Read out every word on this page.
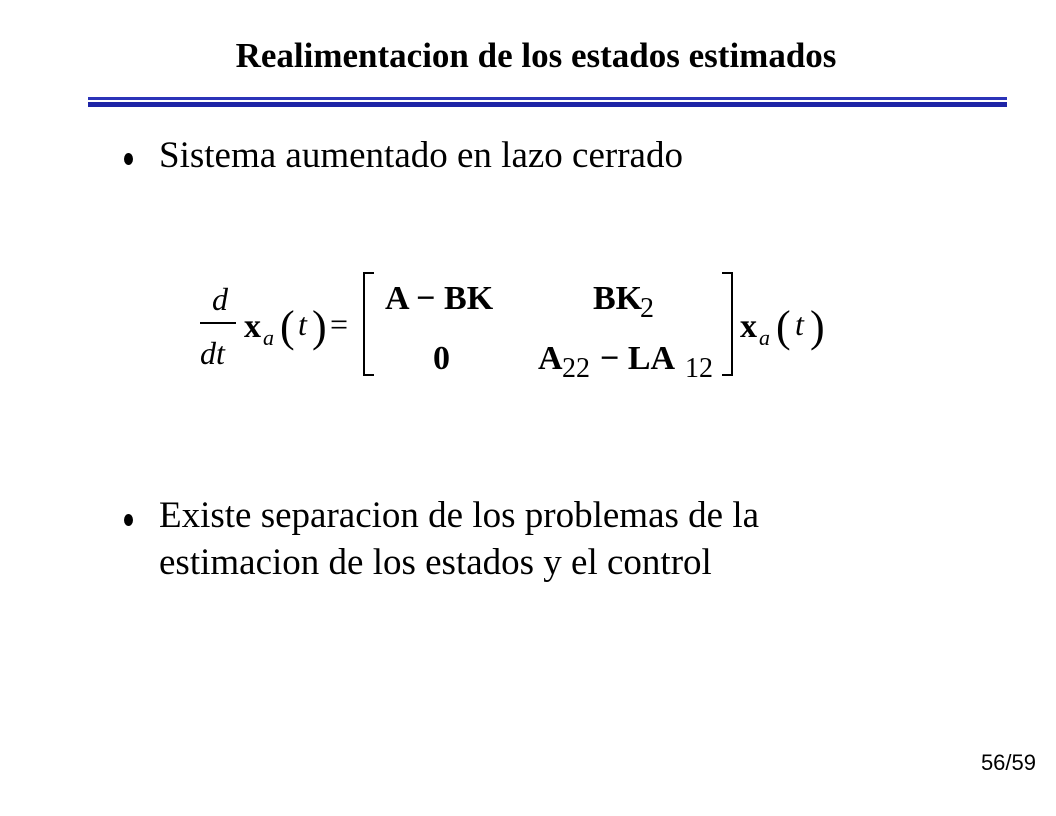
Realimentacion de los estados estimados
Sistema aumentado en lazo cerrado
d
dt
x a ( t ) =
A − BK	BK
2
0	A 22 − LA 12
x a ( t )
Existe separacion de los problemas de la
estimacion de los estados y el control
56/59
